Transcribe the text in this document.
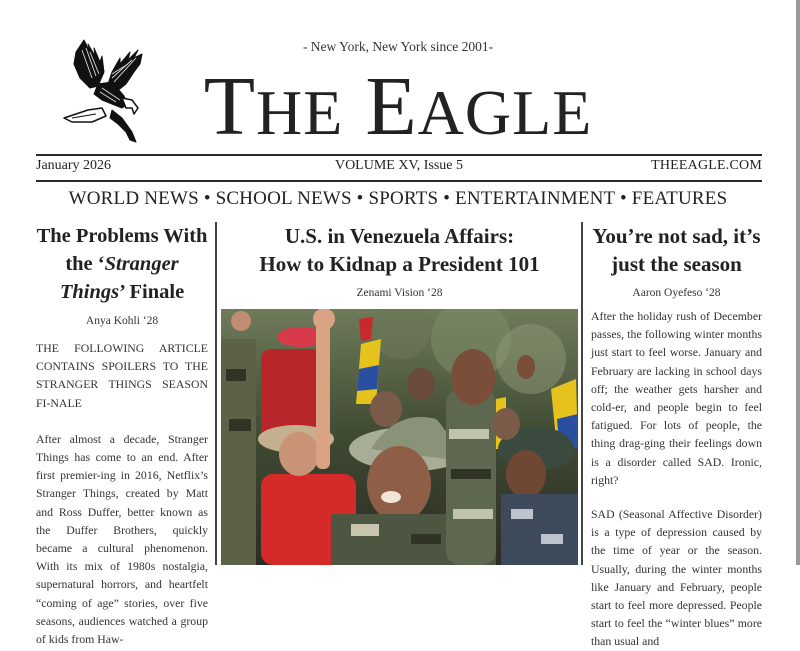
- New York, New York since 2001-
THE EAGLE
VOLUME XV, Issue 5
January 2026	THEEAGLE.COM
WORLD NEWS • SCHOOL NEWS • SPORTS • ENTERTAINMENT • FEATURES
The Problems With the ‘Stranger Things’ Finale
Anya Kohli ‘28

THE FOLLOWING ARTICLE CONTAINS SPOILERS TO THE STRANGER THINGS SEASON FI-NALE

After almost a decade, Stranger Things has come to an end. After first premier-ing in 2016, Netflix’s Stranger Things, created by Matt and Ross Duffer, better known as the Duffer Brothers, quickly became a cultural phenomenon. With its mix of 1980s nostalgia, supernatural horrors, and heartfelt “coming of age” stories, over five seasons, audiences watched a group of kids from Haw-

U.S. in Venezuela Affairs:
How to Kidnap a President 101
Zenami Vision ‘28
You’re not sad, it’s
just the season
Aaron Oyefeso ‘28

After the holiday rush of December passes, the following winter months just start to feel worse. January and February are lacking in school days off; the weather gets harsher and cold-er, and people begin to feel fatigued. For lots of people, the thing drag-ging their feelings down is a disorder called SAD. Ironic, right?

SAD (Seasonal Affective Disorder) is a type of depression caused by the time of year or the season. Usually, during the winter months like January and February, people start to feel more depressed. People start to feel the “winter blues” more than usual and
